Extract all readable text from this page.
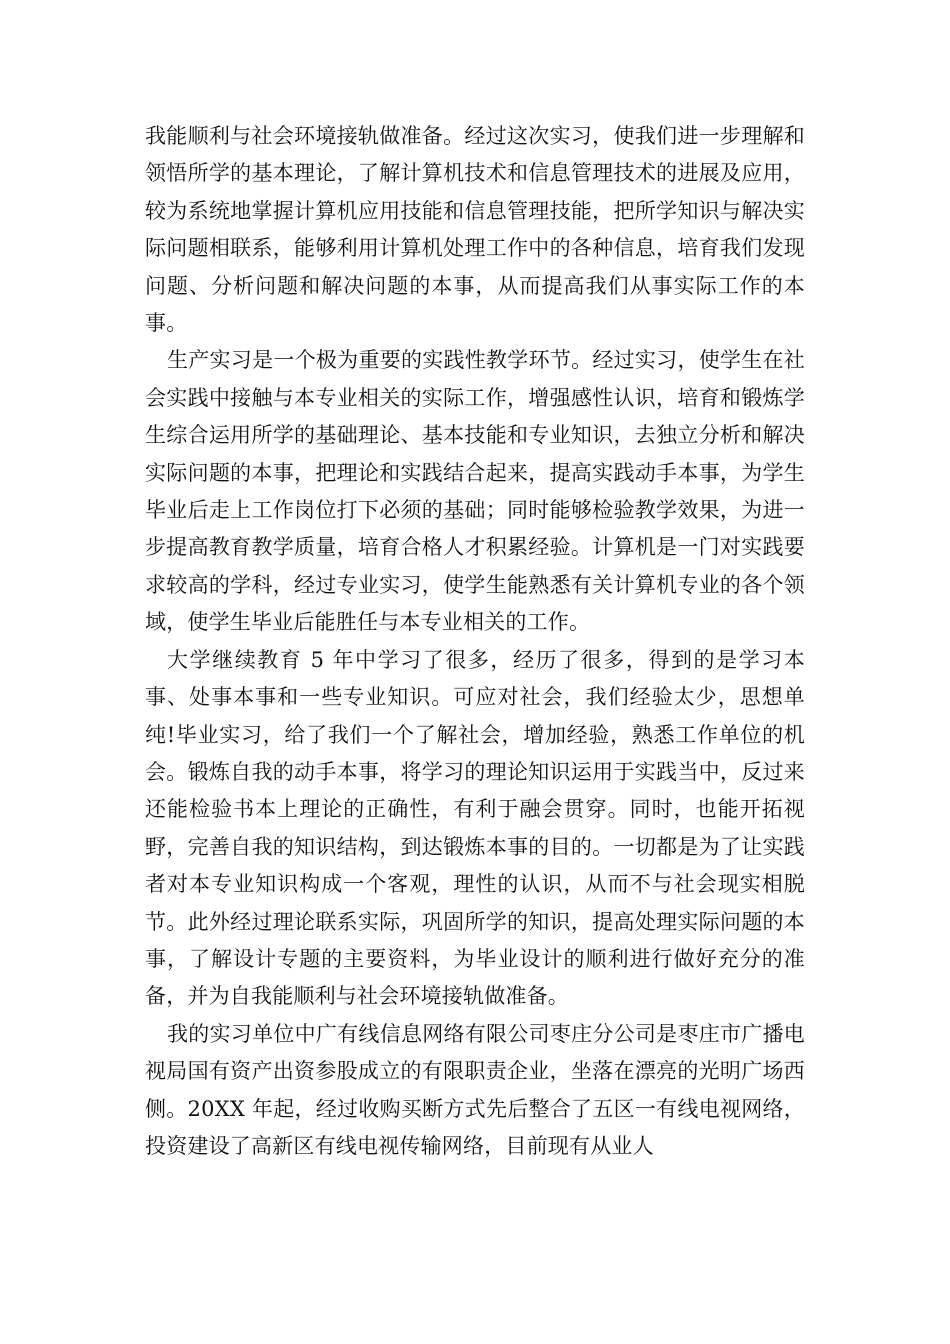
我能顺利与社会环境接轨做准备。经过这次实习，使我们进一步理解和领悟所学的基本理论，了解计算机技术和信息管理技术的进展及应用，较为系统地掌握计算机应用技能和信息管理技能，把所学知识与解决实际问题相联系，能够利用计算机处理工作中的各种信息，培育我们发现问题、分析问题和解决问题的本事，从而提高我们从事实际工作的本事。

生产实习是一个极为重要的实践性教学环节。经过实习，使学生在社会实践中接触与本专业相关的实际工作，增强感性认识，培育和锻炼学生综合运用所学的基础理论、基本技能和专业知识，去独立分析和解决实际问题的本事，把理论和实践结合起来，提高实践动手本事，为学生毕业后走上工作岗位打下必须的基础；同时能够检验教学效果，为进一步提高教育教学质量，培育合格人才积累经验。计算机是一门对实践要求较高的学科，经过专业实习，使学生能熟悉有关计算机专业的各个领域，使学生毕业后能胜任与本专业相关的工作。

大学继续教育 5 年中学习了很多，经历了很多，得到的是学习本事、处事本事和一些专业知识。可应对社会，我们经验太少，思想单纯!毕业实习，给了我们一个了解社会，增加经验，熟悉工作单位的机会。锻炼自我的动手本事，将学习的理论知识运用于实践当中，反过来还能检验书本上理论的正确性，有利于融会贯穿。同时，也能开拓视野，完善自我的知识结构，到达锻炼本事的目的。一切都是为了让实践者对本专业知识构成一个客观，理性的认识，从而不与社会现实相脱节。此外经过理论联系实际，巩固所学的知识，提高处理实际问题的本事，了解设计专题的主要资料，为毕业设计的顺利进行做好充分的准备，并为自我能顺利与社会环境接轨做准备。

我的实习单位中广有线信息网络有限公司枣庄分公司是枣庄市广播电视局国有资产出资参股成立的有限职责企业，坐落在漂亮的光明广场西侧。20XX 年起，经过收购买断方式先后整合了五区一有线电视网络，投资建设了高新区有线电视传输网络，目前现有从业人
